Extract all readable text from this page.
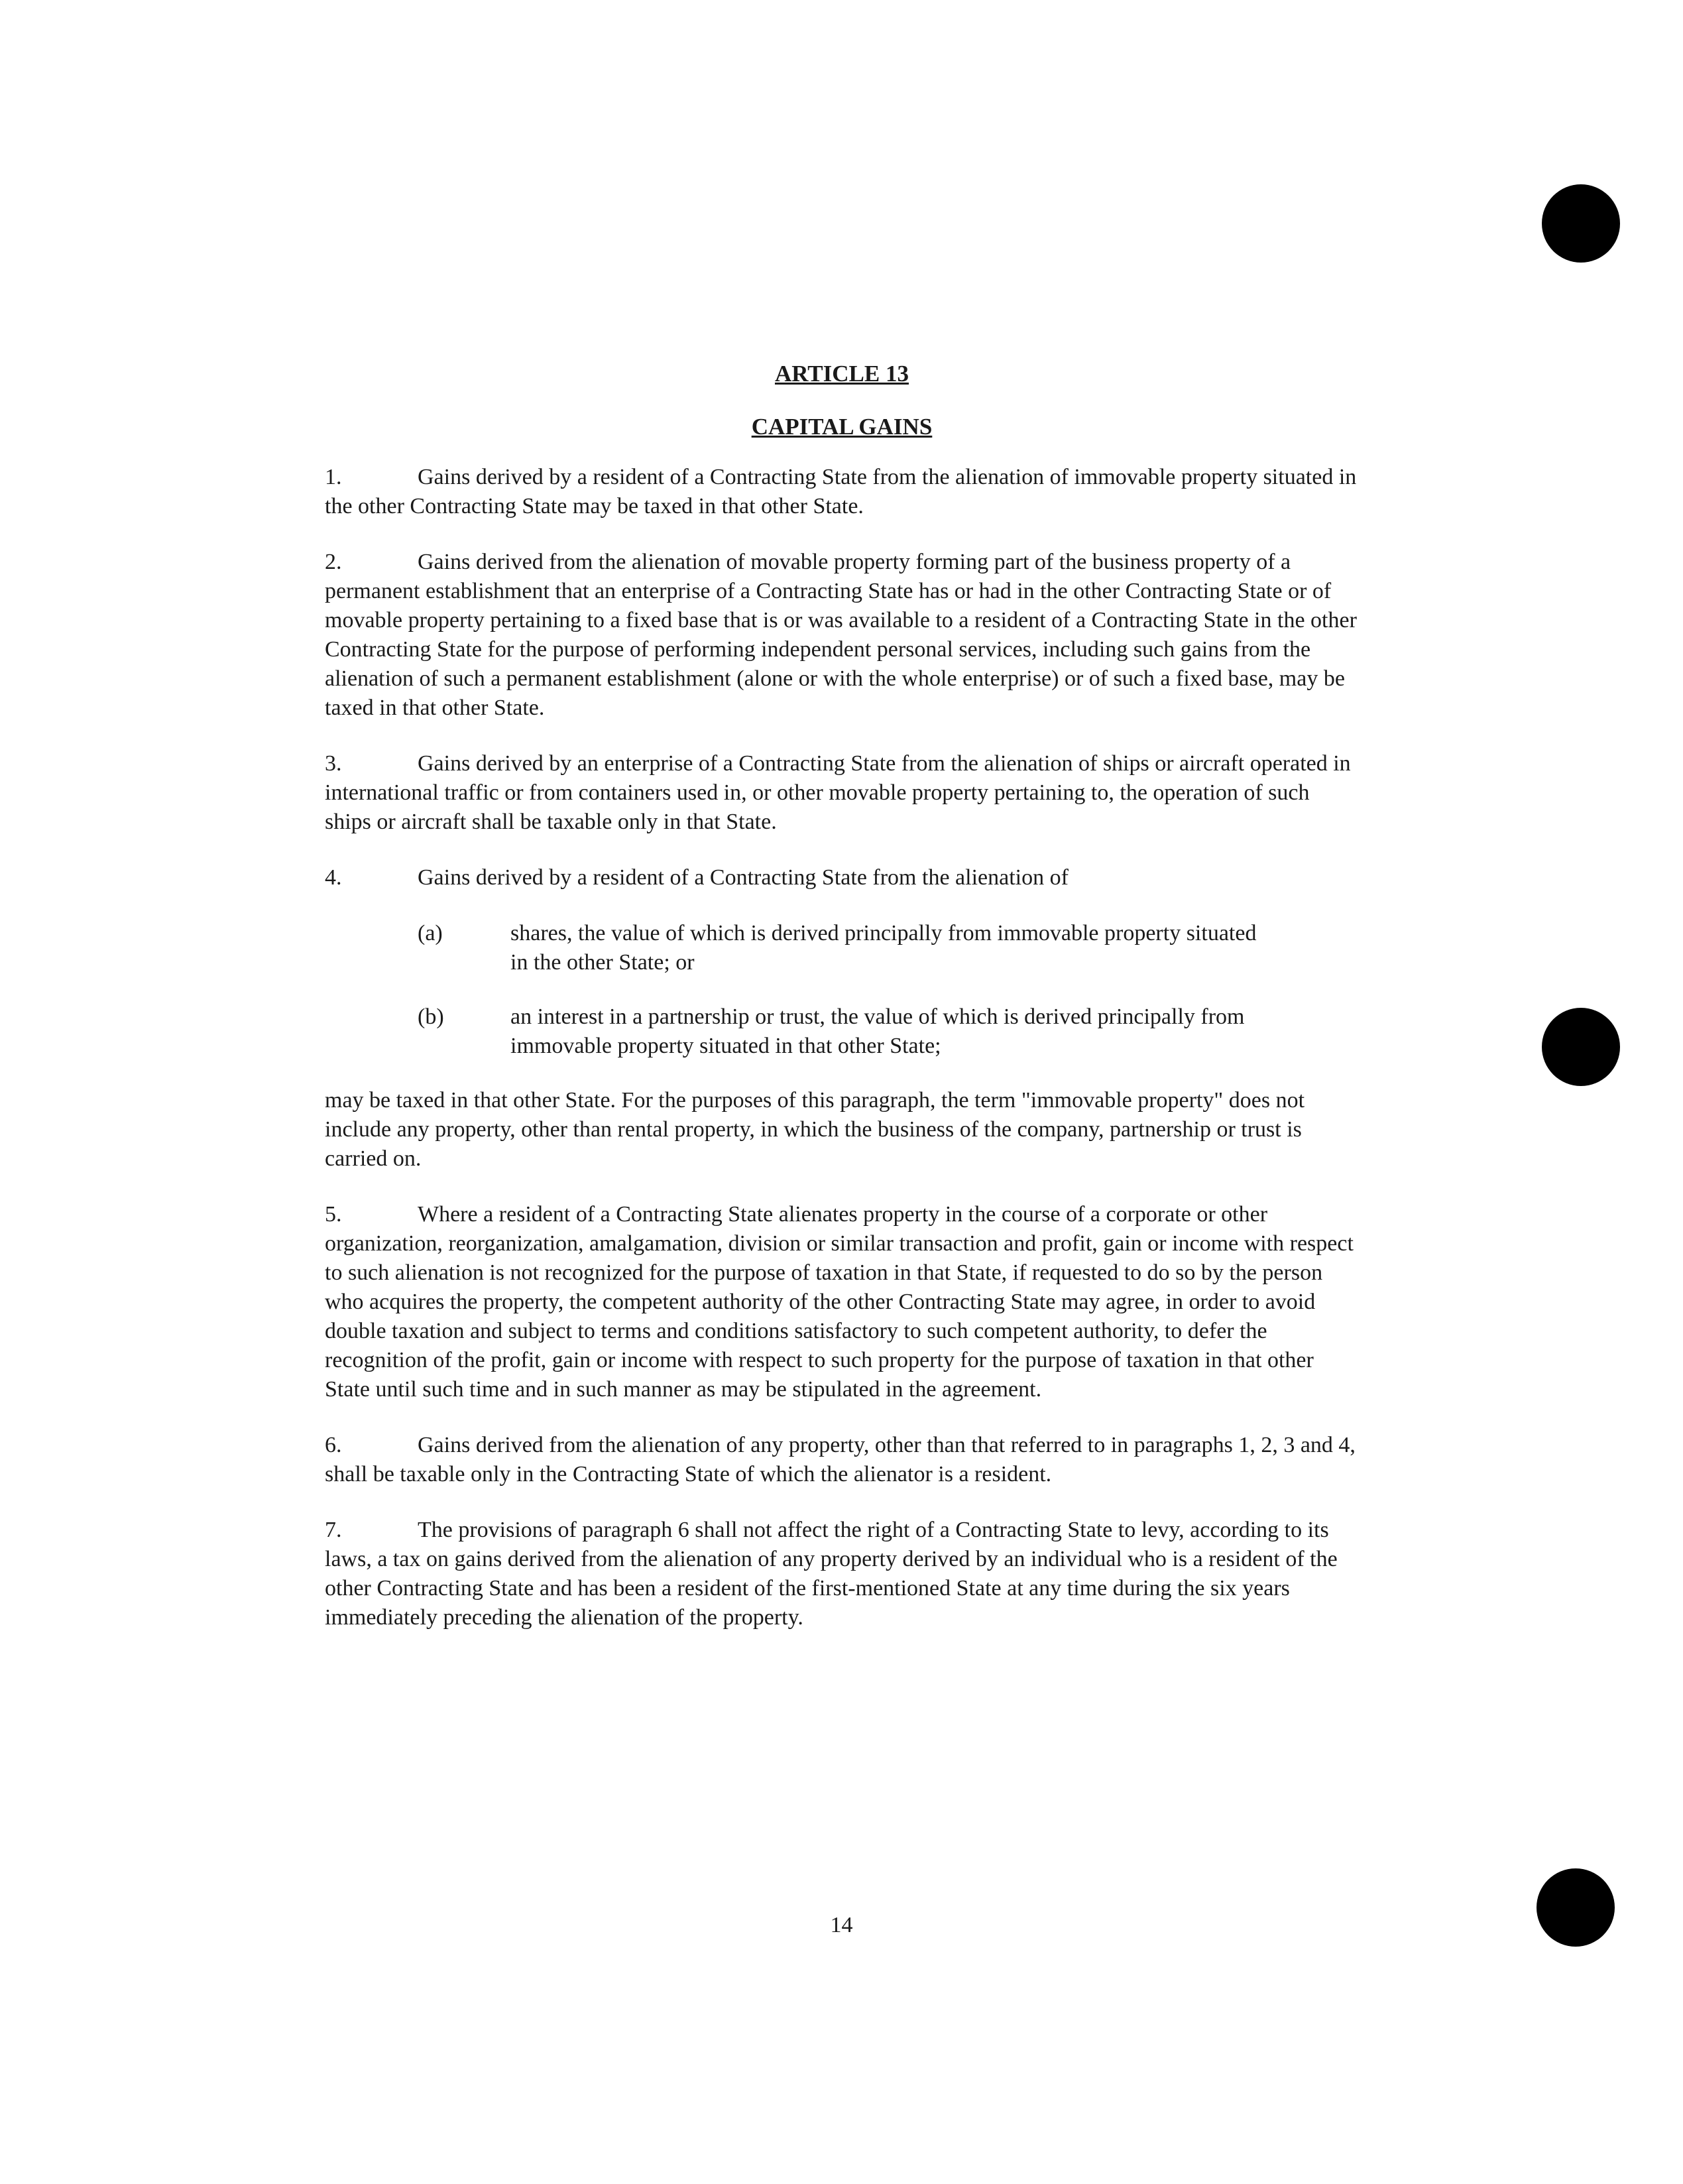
ARTICLE 13

CAPITAL GAINS

1.	Gains derived by a resident of a Contracting State from the alienation of immovable property situated in the other Contracting State may be taxed in that other State.

2.	Gains derived from the alienation of movable property forming part of the business property of a permanent establishment that an enterprise of a Contracting State has or had in the other Contracting State or of movable property pertaining to a fixed base that is or was available to a resident of a Contracting State in the other Contracting State for the purpose of performing independent personal services, including such gains from the alienation of such a permanent establishment (alone or with the whole enterprise) or of such a fixed base, may be taxed in that other State.

3.	Gains derived by an enterprise of a Contracting State from the alienation of ships or aircraft operated in international traffic or from containers used in, or other movable property pertaining to, the operation of such ships or aircraft shall be taxable only in that State.

4.	Gains derived by a resident of a Contracting State from the alienation of

(a)	shares, the value of which is derived principally from immovable property situated in the other State; or
(b)	an interest in a partnership or trust, the value of which is derived principally from immovable property situated in that other State;

may be taxed in that other State. For the purposes of this paragraph, the term "immovable property" does not include any property, other than rental property, in which the business of the company, partnership or trust is carried on.

5.	Where a resident of a Contracting State alienates property in the course of a corporate or other organization, reorganization, amalgamation, division or similar transaction and profit, gain or income with respect to such alienation is not recognized for the purpose of taxation in that State, if requested to do so by the person who acquires the property, the competent authority of the other Contracting State may agree, in order to avoid double taxation and subject to terms and conditions satisfactory to such competent authority, to defer the recognition of the profit, gain or income with respect to such property for the purpose of taxation in that other State until such time and in such manner as may be stipulated in the agreement.

6.	Gains derived from the alienation of any property, other than that referred to in paragraphs 1, 2, 3 and 4, shall be taxable only in the Contracting State of which the alienator is a resident.

7.	The provisions of paragraph 6 shall not affect the right of a Contracting State to levy, according to its laws, a tax on gains derived from the alienation of any property derived by an individual who is a resident of the other Contracting State and has been a resident of the first-mentioned State at any time during the six years immediately preceding the alienation of the property.

14
